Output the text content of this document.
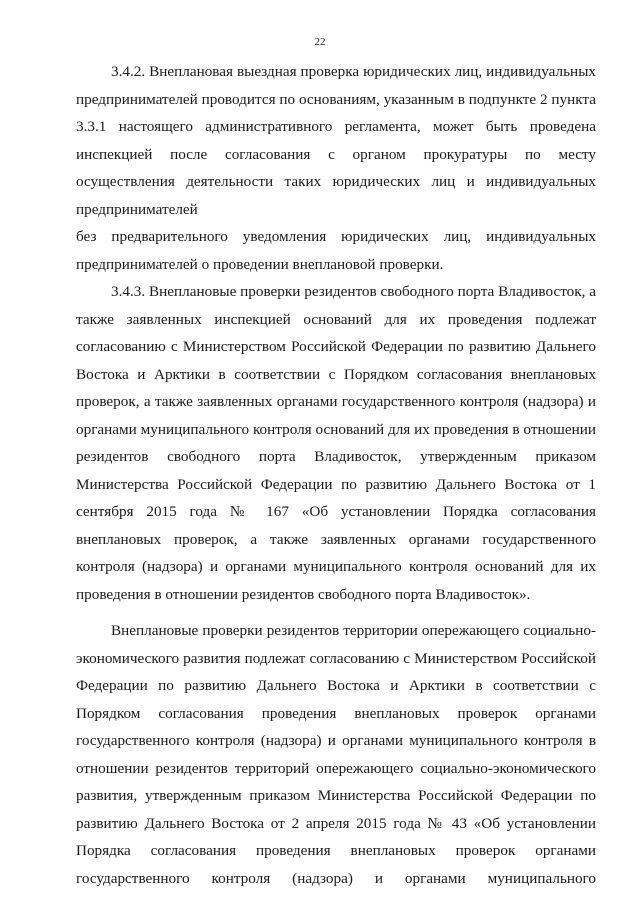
22

3.4.2. Внеплановая выездная проверка юридических лиц, индивидуальных предпринимателей проводится по основаниям, указанным в подпункте 2 пункта 3.3.1 настоящего административного регламента, может быть проведена инспекцией после согласования с органом прокуратуры по месту осуществления деятельности таких юридических лиц и индивидуальных предпринимателей

без предварительного уведомления юридических лиц, индивидуальных предпринимателей о проведении внеплановой проверки.

3.4.3. Внеплановые проверки резидентов свободного порта Владивосток, а также заявленных инспекцией оснований для их проведения подлежат согласованию с Министерством Российской Федерации по развитию Дальнего Востока и Арктики в соответствии с Порядком согласования внеплановых проверок, а также заявленных органами государственного контроля (надзора) и органами муниципального контроля оснований для их проведения в отношении резидентов свободного порта Владивосток, утвержденным приказом Министерства Российской Федерации по развитию Дальнего Востока от 1 сентября 2015 года № 167 «Об установлении Порядка согласования внеплановых проверок, а также заявленных органами государственного контроля (надзора) и органами муниципального контроля оснований для их проведения в отношении резидентов свободного порта Владивосток».

Внеплановые проверки резидентов территории опережающего социально-экономического развития подлежат согласованию с Министерством Российской Федерации по развитию Дальнего Востока и Арктики в соответствии с Порядком согласования проведения внеплановых проверок органами государственного контроля (надзора) и органами муниципального контроля в отношении резидентов территорий опережающего социально-экономического развития, утвержденным приказом Министерства Российской Федерации по развитию Дальнего Востока от 2 апреля 2015 года № 43 «Об установлении Порядка согласования проведения внеплановых проверок органами государственного контроля (надзора) и органами муниципального
